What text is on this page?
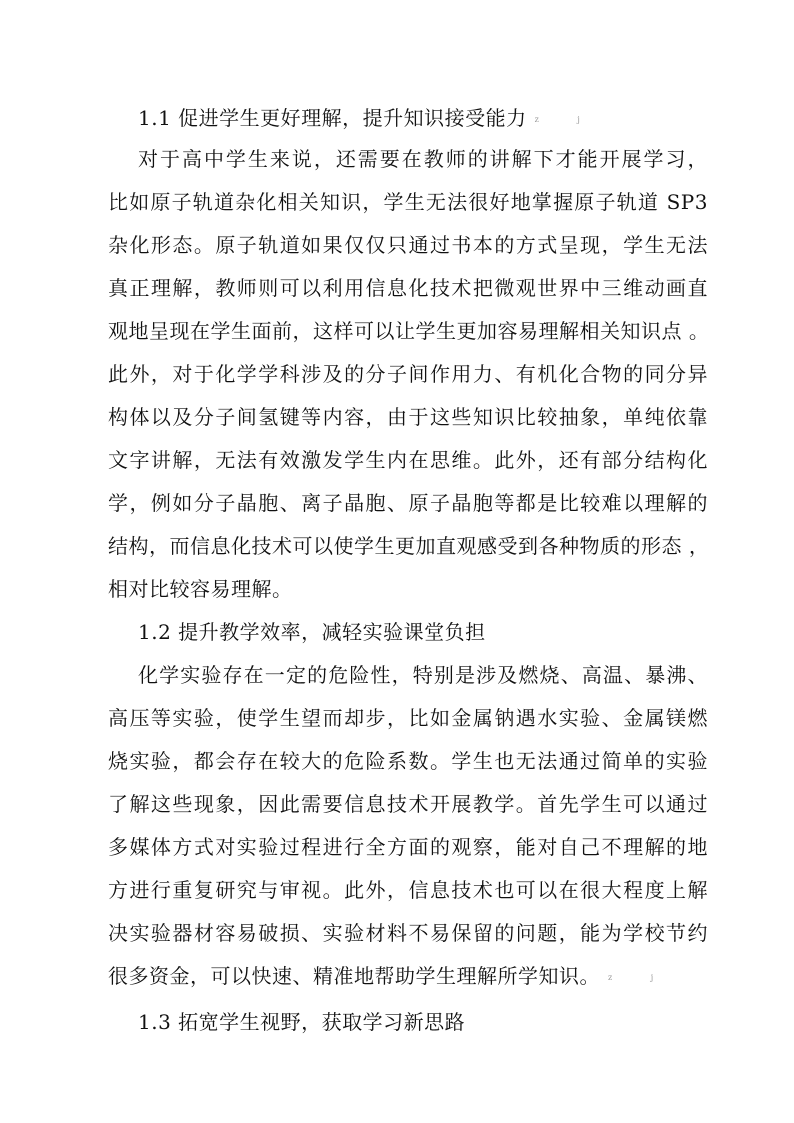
1.1 促进学生更好理解，提升知识接受能力 z j
对于高中学生来说，还需要在教师的讲解下才能开展学习，
比如原子轨道杂化相关知识，学生无法很好地掌握原子轨道 SP3
杂化形态。原子轨道如果仅仅只通过书本的方式呈现，学生无法
真正理解，教师则可以利用信息化技术把微观世界中三维动画直
观地呈现在学生面前，这样可以让学生更加容易理解相关知识点 。
此外，对于化学学科涉及的分子间作用力、有机化合物的同分异
构体以及分子间氢键等内容，由于这些知识比较抽象，单纯依靠
文字讲解，无法有效激发学生内在思维。此外，还有部分结构化
学，例如分子晶胞、离子晶胞、原子晶胞等都是比较难以理解的
结构，而信息化技术可以使学生更加直观感受到各种物质的形态 ，
相对比较容易理解。
1.2 提升教学效率，减轻实验课堂负担
化学实验存在一定的危险性，特别是涉及燃烧、高温、暴沸、
高压等实验，使学生望而却步，比如金属钠遇水实验、金属镁燃
烧实验，都会存在较大的危险系数。学生也无法通过简单的实验
了解这些现象，因此需要信息技术开展教学。首先学生可以通过
多媒体方式对实验过程进行全方面的观察，能对自己不理解的地
方进行重复研究与审视。此外，信息技术也可以在很大程度上解
决实验器材容易破损、实验材料不易保留的问题，能为学校节约
很多资金，可以快速、精准地帮助学生理解所学知识。 z j
1.3 拓宽学生视野，获取学习新思路
